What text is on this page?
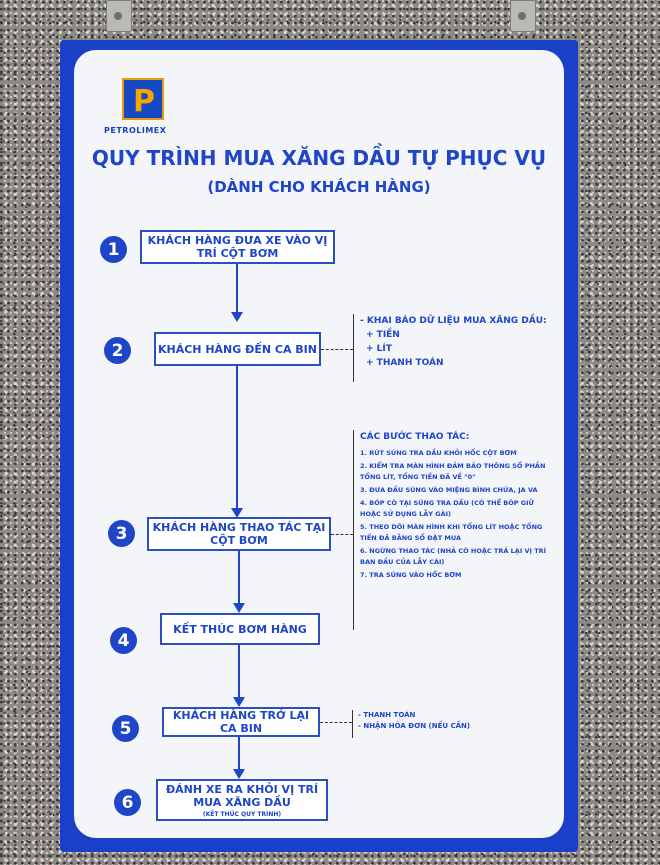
P
PETROLIMEX
QUY TRÌNH MUA XĂNG DẦU TỰ PHỤC VỤ
(DÀNH CHO KHÁCH HÀNG)
1	KHÁCH HÀNG ĐƯA XE VÀO VỊ TRÍ CỘT BƠM
2	KHÁCH HÀNG ĐẾN CA BIN
- KHAI BÁO DỮ LIỆU MUA XĂNG DẦU:
+ TIỀN
+ LÍT
+ THANH TOÁN
CÁC BƯỚC THAO TÁC:
1. RÚT SÚNG TRA DẦU KHỎI HỐC CỘT BƠM
2. KIỂM TRA MÀN HÌNH ĐẢM BẢO THÔNG SỐ PHẦN TỔNG LÍT, TỔNG TIỀN ĐÃ VỀ "0"
3. ĐƯA ĐẦU SÚNG VÀO MIỆNG BÌNH CHỨA, JA VA
4. BÓP CÒ TẠI SÚNG TRA DẦU (CÓ THỂ BÓP GIỮ HOẶC SỬ DỤNG LẪY GÀI)
5. THEO DÕI MÀN HÌNH KHI TỔNG LÍT HOẶC TỔNG TIỀN ĐÃ BẰNG SỐ ĐẶT MUA
6. NGỪNG THAO TÁC (NHẢ CÒ HOẶC TRẢ LẠI VỊ TRÍ BAN ĐẦU CỦA LẪY CÀI)
7. TRA SÚNG VÀO HỐC BƠM
3	KHÁCH HÀNG THAO TÁC TẠI CỘT BƠM
4
KẾT THÚC BƠM HÀNG
5
KHÁCH HÀNG TRỞ LẠI CA BIN
- THANH TOÁN
- NHẬN HÓA ĐƠN (NẾU CẦN)
6
ĐÁNH XE RA KHỎI VỊ TRÍ MUA XĂNG DẦU
(KẾT THÚC QUY TRÌNH)
